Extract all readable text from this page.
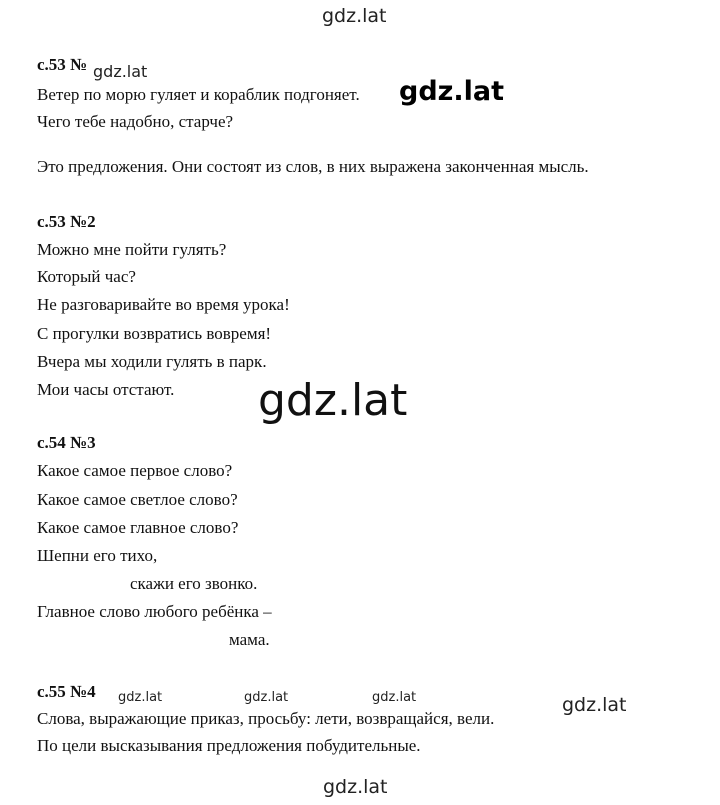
gdz.lat
gdz.lat
gdz.lat
gdz.lat
gdz.lat	gdz.lat	gdz.lat	gdz.lat
gdz.lat
с.53 №
Ветер по морю гуляет и кораблик подгоняет.
Чего тебе надобно, старче?
Это предложения. Они состоят из слов, в них выражена законченная мысль.
с.53 №2
Можно мне пойти гулять?
Который час?
Не разговаривайте во время урока!
С прогулки возвратись вовремя!
Вчера мы ходили гулять в парк.
Мои часы отстают.
с.54 №3
Какое самое первое слово?
Какое самое светлое слово?
Какое самое главное слово?
Шепни его тихо,
скажи его звонко.
Главное слово любого ребёнка –
мама.
с.55 №4
Слова, выражающие приказ, просьбу: лети, возвращайся, вели.
По цели высказывания предложения побудительные.
